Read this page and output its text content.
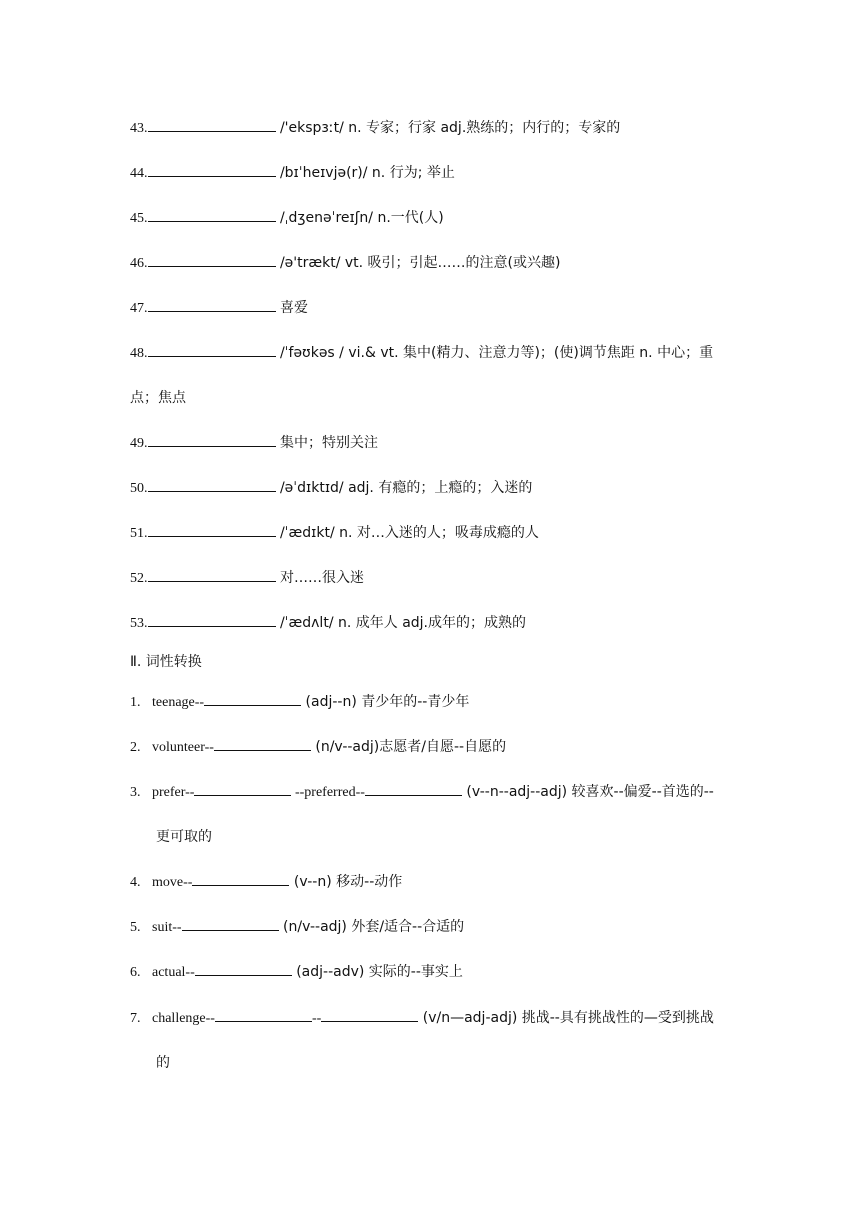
43.	/'ekspɜːt/ n. 专家；行家 adj.熟练的；内行的；专家的
44.	/bɪˈheɪvjə(r)/ n. 行为; 举止
45.	/ˌdʒenəˈreɪʃn/ n.一代(人)
46.	/ə'trækt/ vt. 吸引；引起……的注意(或兴趣)
47.	喜爱
48.	/ˈfəʊkəs / vi.& vt. 集中(精力、注意力等)；(使)调节焦距 n. 中心；重
点；焦点
49.	集中；特别关注
50.	/əˈdɪktɪd/ adj. 有瘾的；上瘾的；入迷的
51.	/ˈædɪkt/ n. 对…入迷的人；吸毒成瘾的人
52.	对……很入迷
53.	/ˈædʌlt/ n. 成年人 adj.成年的；成熟的
Ⅱ. 词性转换
1. teenage--	(adj--n) 青少年的--青少年
2. volunteer--	(n/v--adj)志愿者/自愿--自愿的
3. prefer--	--preferred--	(v--n--adj--adj) 较喜欢--偏爱--首选的--
更可取的
4. move--	(v--n) 移动--动作
5. suit--	(n/v--adj) 外套/适合--合适的
6. actual--	(adj--adv) 实际的--事实上
7. challenge--	--	(v/n—adj-adj) 挑战--具有挑战性的—受到挑战
的
